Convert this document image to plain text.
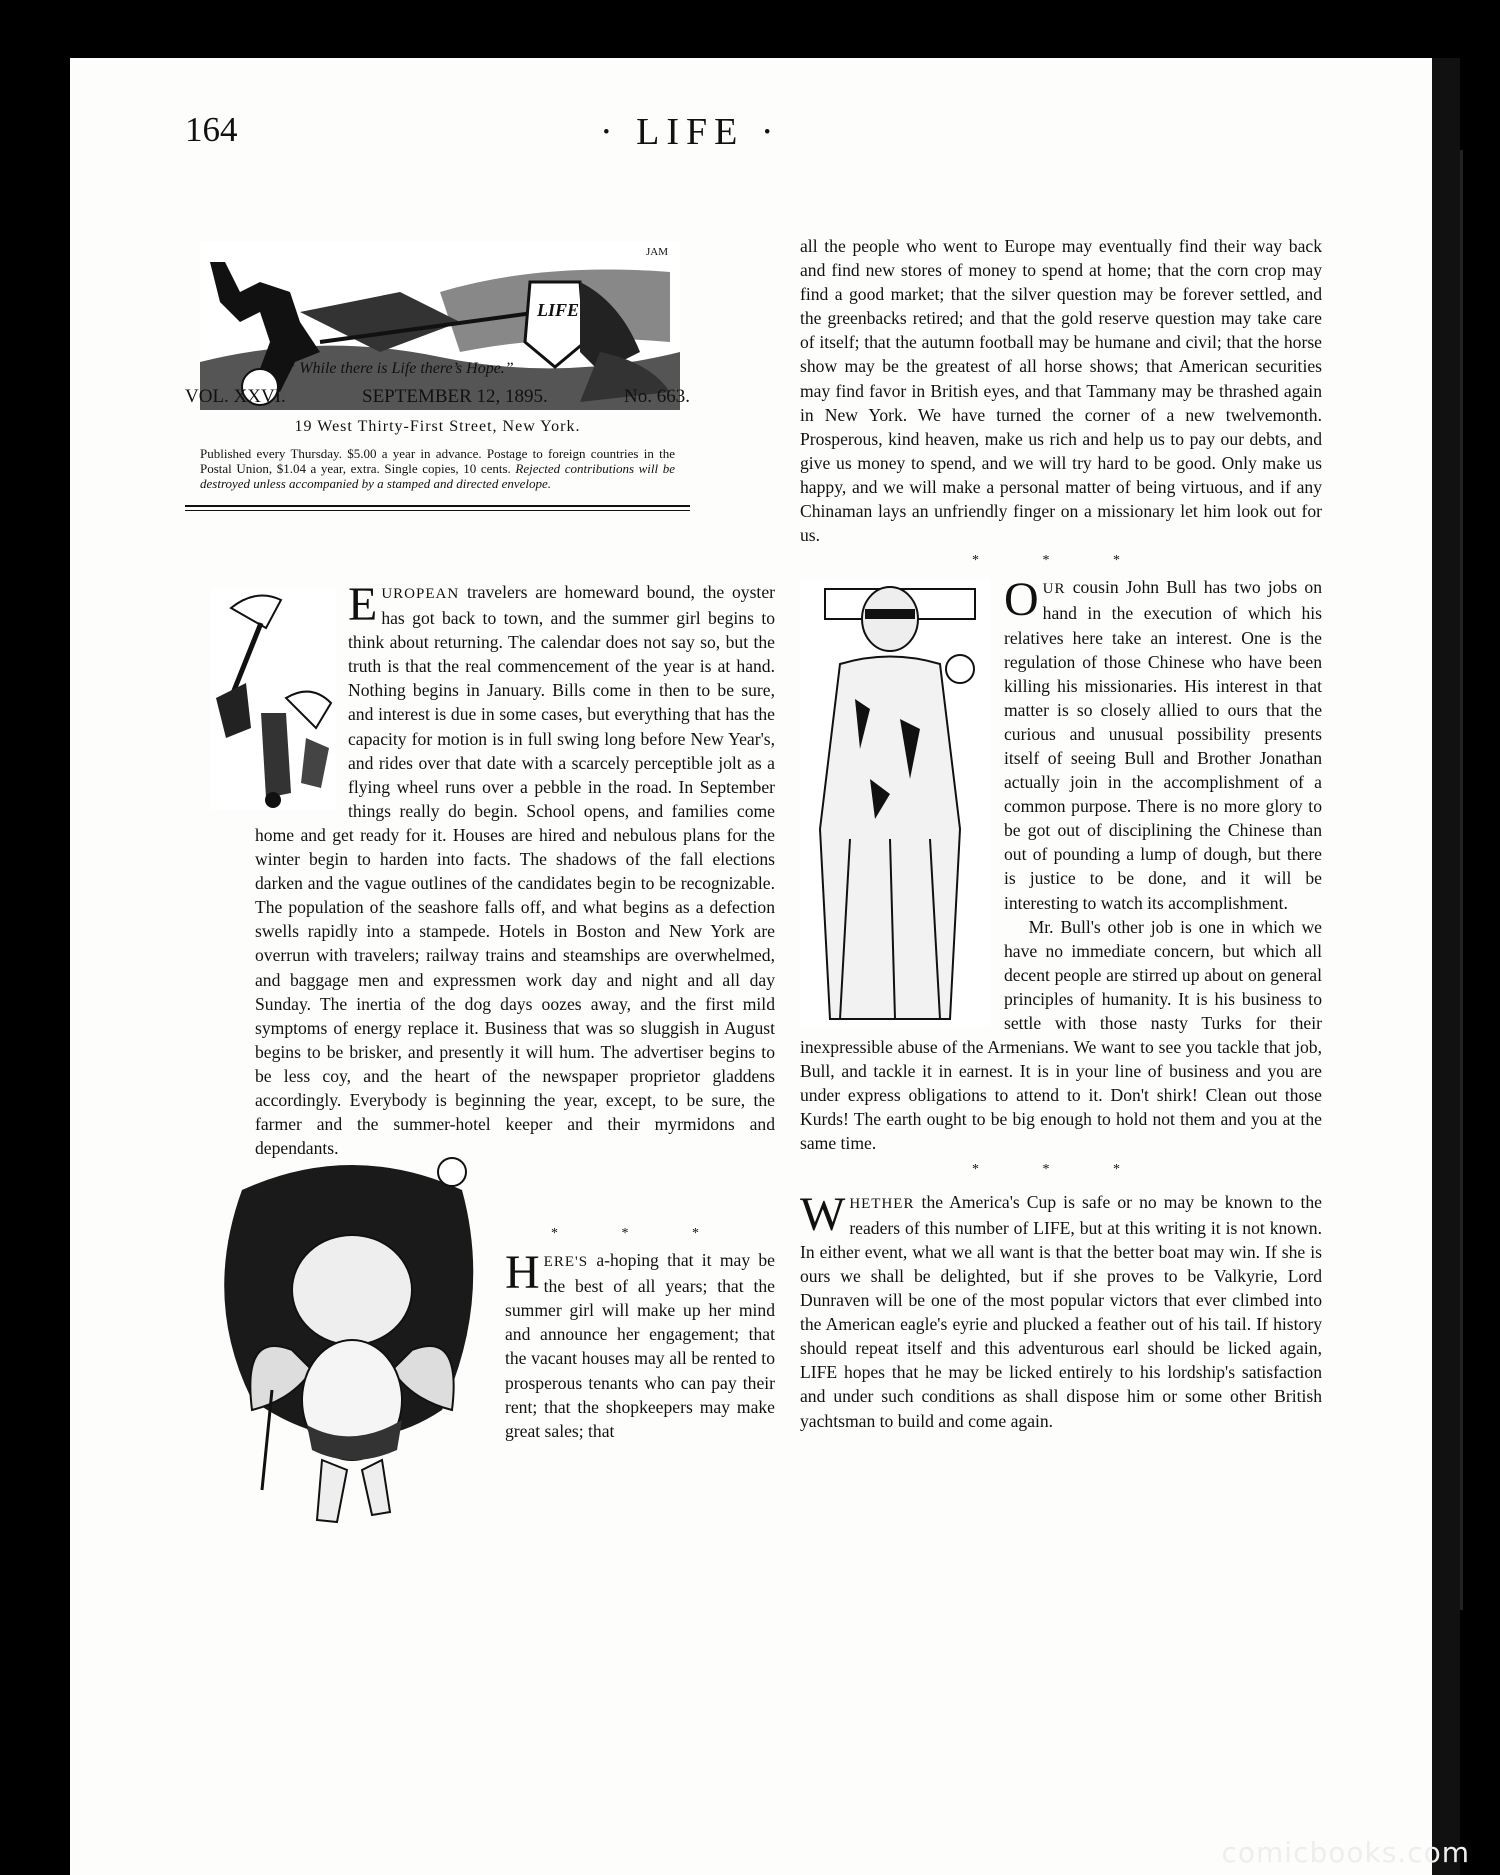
164	· LIFE ·
LIFE
JAM
“ While there is Life there’s Hope.”
VOL. XXVI.	SEPTEMBER 12, 1895.	No. 663.
19 West Thirty-First Street, New York.
Published every Thursday. $5.00 a year in advance. Postage to foreign countries in the Postal Union, $1.04 a year, extra. Single copies, 10 cents. Rejected contributions will be destroyed unless accompanied by a stamped and directed envelope.

EUROPEAN travelers are homeward bound, the oyster has got back to town, and the summer girl begins to think about returning. The calendar does not say so, but the truth is that the real commencement of the year is at hand. Nothing begins in January. Bills come in then to be sure, and interest is due in some cases, but everything that has the capacity for motion is in full swing long before New Year's, and rides over that date with a scarcely perceptible jolt as a flying wheel runs over a pebble in the road. In September things really do begin. School opens, and families come home and get ready for it. Houses are hired and nebulous plans for the winter begin to harden into facts. The shadows of the fall elections darken and the vague outlines of the candidates begin to be recognizable. The population of the seashore falls off, and what begins as a defection swells rapidly into a stampede. Hotels in Boston and New York are overrun with travelers; railway trains and steamships are overwhelmed, and baggage men and expressmen work day and night and all day Sunday. The inertia of the dog days oozes away, and the first mild symptoms of energy replace it. Business that was so sluggish in August begins to be brisker, and presently it will hum. The advertiser begins to be less coy, and the heart of the newspaper proprietor gladdens accordingly. Everybody is beginning the year, except, to be sure, the farmer and the summer-hotel keeper and their myrmidons and dependants.

* * *

HERE'S a-hoping that it may be the best of all years; that the summer girl will make up her mind and announce her engagement; that the vacant houses may all be rented to prosperous tenants who can pay their rent; that the shopkeepers may make great sales; that

all the people who went to Europe may eventually find their way back and find new stores of money to spend at home; that the corn crop may find a good market; that the silver question may be forever settled, and the greenbacks retired; and that the gold reserve question may take care of itself; that the autumn football may be humane and civil; that the horse show may be the greatest of all horse shows; that American securities may find favor in British eyes, and that Tammany may be thrashed again in New York. We have turned the corner of a new twelvemonth. Prosperous, kind heaven, make us rich and help us to pay our debts, and give us money to spend, and we will try hard to be good. Only make us happy, and we will make a personal matter of being virtuous, and if any Chinaman lays an unfriendly finger on a missionary let him look out for us.

* * *

OUR cousin John Bull has two jobs on hand in the execution of which his relatives here take an interest. One is the regulation of those Chinese who have been killing his missionaries. His interest in that matter is so closely allied to ours that the curious and unusual possibility presents itself of seeing Bull and Brother Jonathan actually join in the accomplishment of a common purpose. There is no more glory to be got out of disciplining the Chinese than out of pounding a lump of dough, but there is justice to be done, and it will be interesting to watch its accomplishment.

Mr. Bull's other job is one in which we have no immediate concern, but which all decent people are stirred up about on general principles of humanity. It is his business to settle with those nasty Turks for their inexpressible abuse of the Armenians. We want to see you tackle that job, Bull, and tackle it in earnest. It is in your line of business and you are under express obligations to attend to it. Don't shirk! Clean out those Kurds! The earth ought to be big enough to hold not them and you at the same time.

* * *

WHETHER the America's Cup is safe or no may be known to the readers of this number of LIFE, but at this writing it is not known. In either event, what we all want is that the better boat may win. If she is ours we shall be delighted, but if she proves to be Valkyrie, Lord Dunraven will be one of the most popular victors that ever climbed into the American eagle's eyrie and plucked a feather out of his tail. If history should repeat itself and this adventurous earl should be licked again, LIFE hopes that he may be licked entirely to his lordship's satisfaction and under such conditions as shall dispose him or some other British yachtsman to build and come again.

comicbooks.com
